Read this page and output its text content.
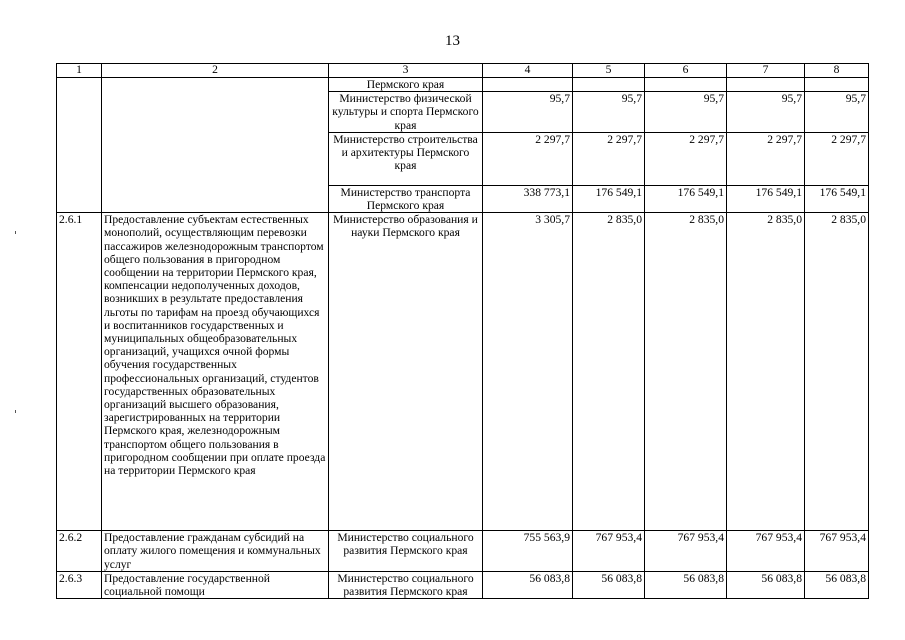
13
1	2	3	4	5	6	7	8
		Пермского края					
		Министерство физической культуры и спорта Пермского края	95,7	95,7	95,7	95,7	95,7
		Министерство строительства и архитектуры Пермского края	2 297,7	2 297,7	2 297,7	2 297,7	2 297,7
		Министерство транспорта Пермского края	338 773,1	176 549,1	176 549,1	176 549,1	176 549,1
2.6.1	Предоставление субъектам естественных монополий, осуществляющим перевозки пассажиров железнодорожным транспортом общего пользования в пригородном сообщении на территории Пермского края, компенсации недополученных доходов, возникших в результате предоставления льготы по тарифам на проезд обучающихся и воспитанников государственных и муниципальных общеобразовательных организаций, учащихся очной формы обучения государственных профессиональных организаций, студентов государственных образовательных организаций высшего образования, зарегистрированных на территории Пермского края, железнодорожным транспортом общего пользования в пригородном сообщении при оплате проезда на территории Пермского края	Министерство образования и науки Пермского края	3 305,7	2 835,0	2 835,0	2 835,0	2 835,0
2.6.2	Предоставление гражданам субсидий на оплату жилого помещения и коммунальных услуг	Министерство социального развития Пермского края	755 563,9	767 953,4	767 953,4	767 953,4	767 953,4
2.6.3	Предоставление государственной социальной помощи	Министерство социального развития Пермского края	56 083,8	56 083,8	56 083,8	56 083,8	56 083,8
